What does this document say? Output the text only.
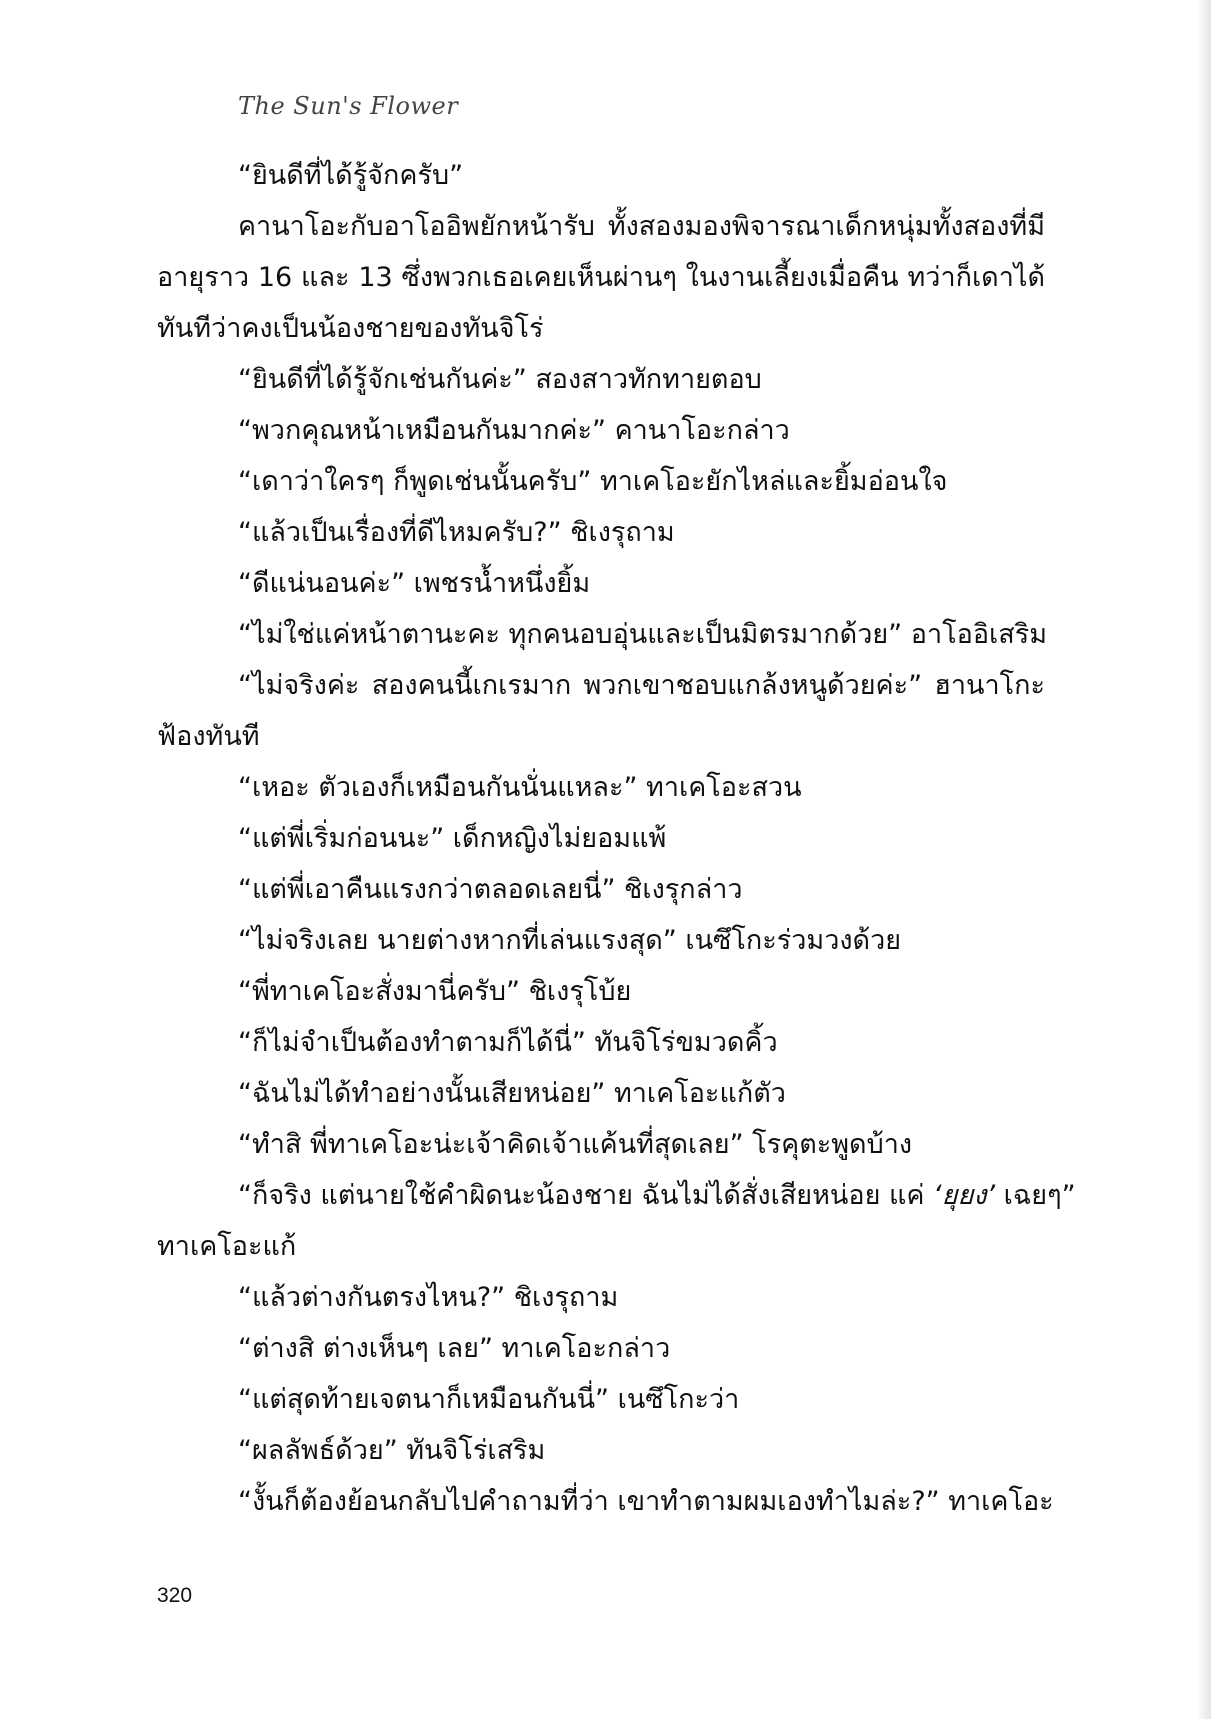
The Sun's Flower
“ยินดีที่ได้รู้จักครับ”
คานาโอะกับอาโออิพยักหน้ารับ ทั้งสองมองพิจารณาเด็กหนุ่มทั้งสองที่มี
อายุราว 16 และ 13 ซึ่งพวกเธอเคยเห็นผ่านๆ ในงานเลี้ยงเมื่อคืน ทว่าก็เดาได้
ทันทีว่าคงเป็นน้องชายของทันจิโร่
“ยินดีที่ได้รู้จักเช่นกันค่ะ” สองสาวทักทายตอบ
“พวกคุณหน้าเหมือนกันมากค่ะ” คานาโอะกล่าว
“เดาว่าใครๆ ก็พูดเช่นนั้นครับ” ทาเคโอะยักไหล่และยิ้มอ่อนใจ
“แล้วเป็นเรื่องที่ดีไหมครับ?” ชิเงรุถาม
“ดีแน่นอนค่ะ” เพชรน้ำหนึ่งยิ้ม
“ไม่ใช่แค่หน้าตานะคะ ทุกคนอบอุ่นและเป็นมิตรมากด้วย” อาโออิเสริม
“ไม่จริงค่ะ สองคนนี้เกเรมาก พวกเขาชอบแกล้งหนูด้วยค่ะ” ฮานาโกะ
ฟ้องทันที
“เหอะ ตัวเองก็เหมือนกันนั่นแหละ” ทาเคโอะสวน
“แต่พี่เริ่มก่อนนะ” เด็กหญิงไม่ยอมแพ้
“แต่พี่เอาคืนแรงกว่าตลอดเลยนี่” ชิเงรุกล่าว
“ไม่จริงเลย นายต่างหากที่เล่นแรงสุด” เนซึโกะร่วมวงด้วย
“พี่ทาเคโอะสั่งมานี่ครับ” ชิเงรุโบ้ย
“ก็ไม่จำเป็นต้องทำตามก็ได้นี่” ทันจิโร่ขมวดคิ้ว
“ฉันไม่ได้ทำอย่างนั้นเสียหน่อย” ทาเคโอะแก้ตัว
“ทำสิ พี่ทาเคโอะน่ะเจ้าคิดเจ้าแค้นที่สุดเลย” โรคุตะพูดบ้าง
“ก็จริง แต่นายใช้คำผิดนะน้องชาย ฉันไม่ได้สั่งเสียหน่อย แค่ ‘ยุยง’ เฉยๆ”
ทาเคโอะแก้
“แล้วต่างกันตรงไหน?” ชิเงรุถาม
“ต่างสิ ต่างเห็นๆ เลย” ทาเคโอะกล่าว
“แต่สุดท้ายเจตนาก็เหมือนกันนี่” เนซึโกะว่า
“ผลลัพธ์ด้วย” ทันจิโร่เสริม
“งั้นก็ต้องย้อนกลับไปคำถามที่ว่า เขาทำตามผมเองทำไมล่ะ?” ทาเคโอะ
320
